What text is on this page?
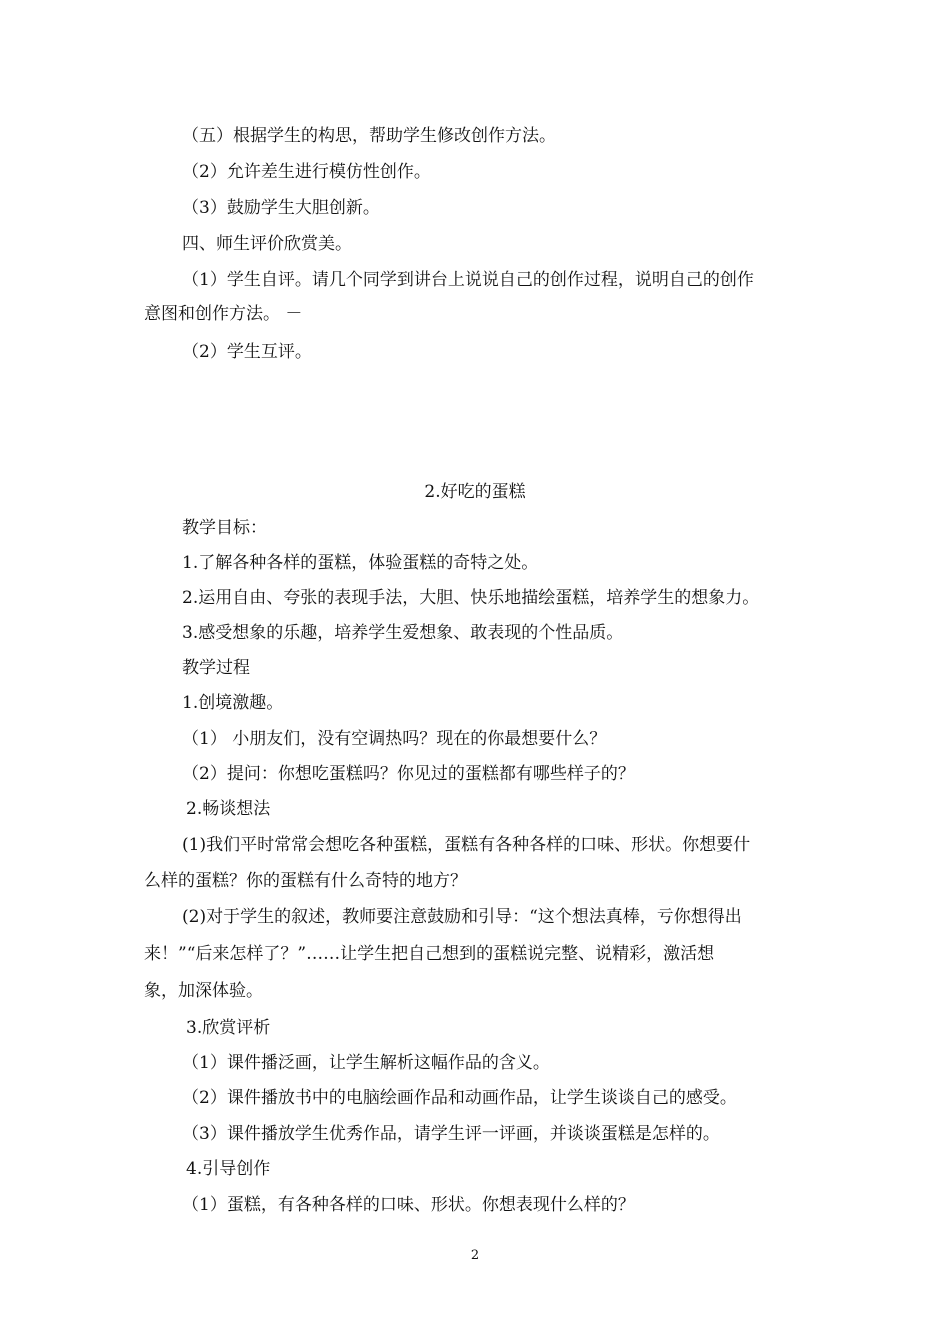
（五）根据学生的构思，帮助学生修改创作方法。
（2）允许差生进行模仿性创作。
（3）鼓励学生大胆创新。
四、师生评价欣赏美。
（1）学生自评。请几个同学到讲台上说说自己的创作过程，说明自己的创作
意图和创作方法。 －
（2）学生互评。
2.好吃的蛋糕
教学目标：
1.了解各种各样的蛋糕，体验蛋糕的奇特之处。
2.运用自由、夸张的表现手法，大胆、快乐地描绘蛋糕，培养学生的想象力。
3.感受想象的乐趣，培养学生爱想象、敢表现的个性品质。
教学过程
1.创境激趣。
（1） 小朋友们，没有空调热吗？现在的你最想要什么？
（2）提问：你想吃蛋糕吗？你见过的蛋糕都有哪些样子的？
2.畅谈想法
(1)我们平时常常会想吃各种蛋糕，蛋糕有各种各样的口味、形状。你想要什
么样的蛋糕？你的蛋糕有什么奇特的地方？
(2)对于学生的叙述，教师要注意鼓励和引导：“这个想法真棒，亏你想得出
来！”“后来怎样了？”……让学生把自己想到的蛋糕说完整、说精彩，激活想
象，加深体验。
3.欣赏评析
（1）课件播泛画，让学生解析这幅作品的含义。
（2）课件播放书中的电脑绘画作品和动画作品，让学生谈谈自己的感受。
（3）课件播放学生优秀作品，请学生评一评画，并谈谈蛋糕是怎样的。
4.引导创作
（1）蛋糕，有各种各样的口味、形状。你想表现什么样的？
2
